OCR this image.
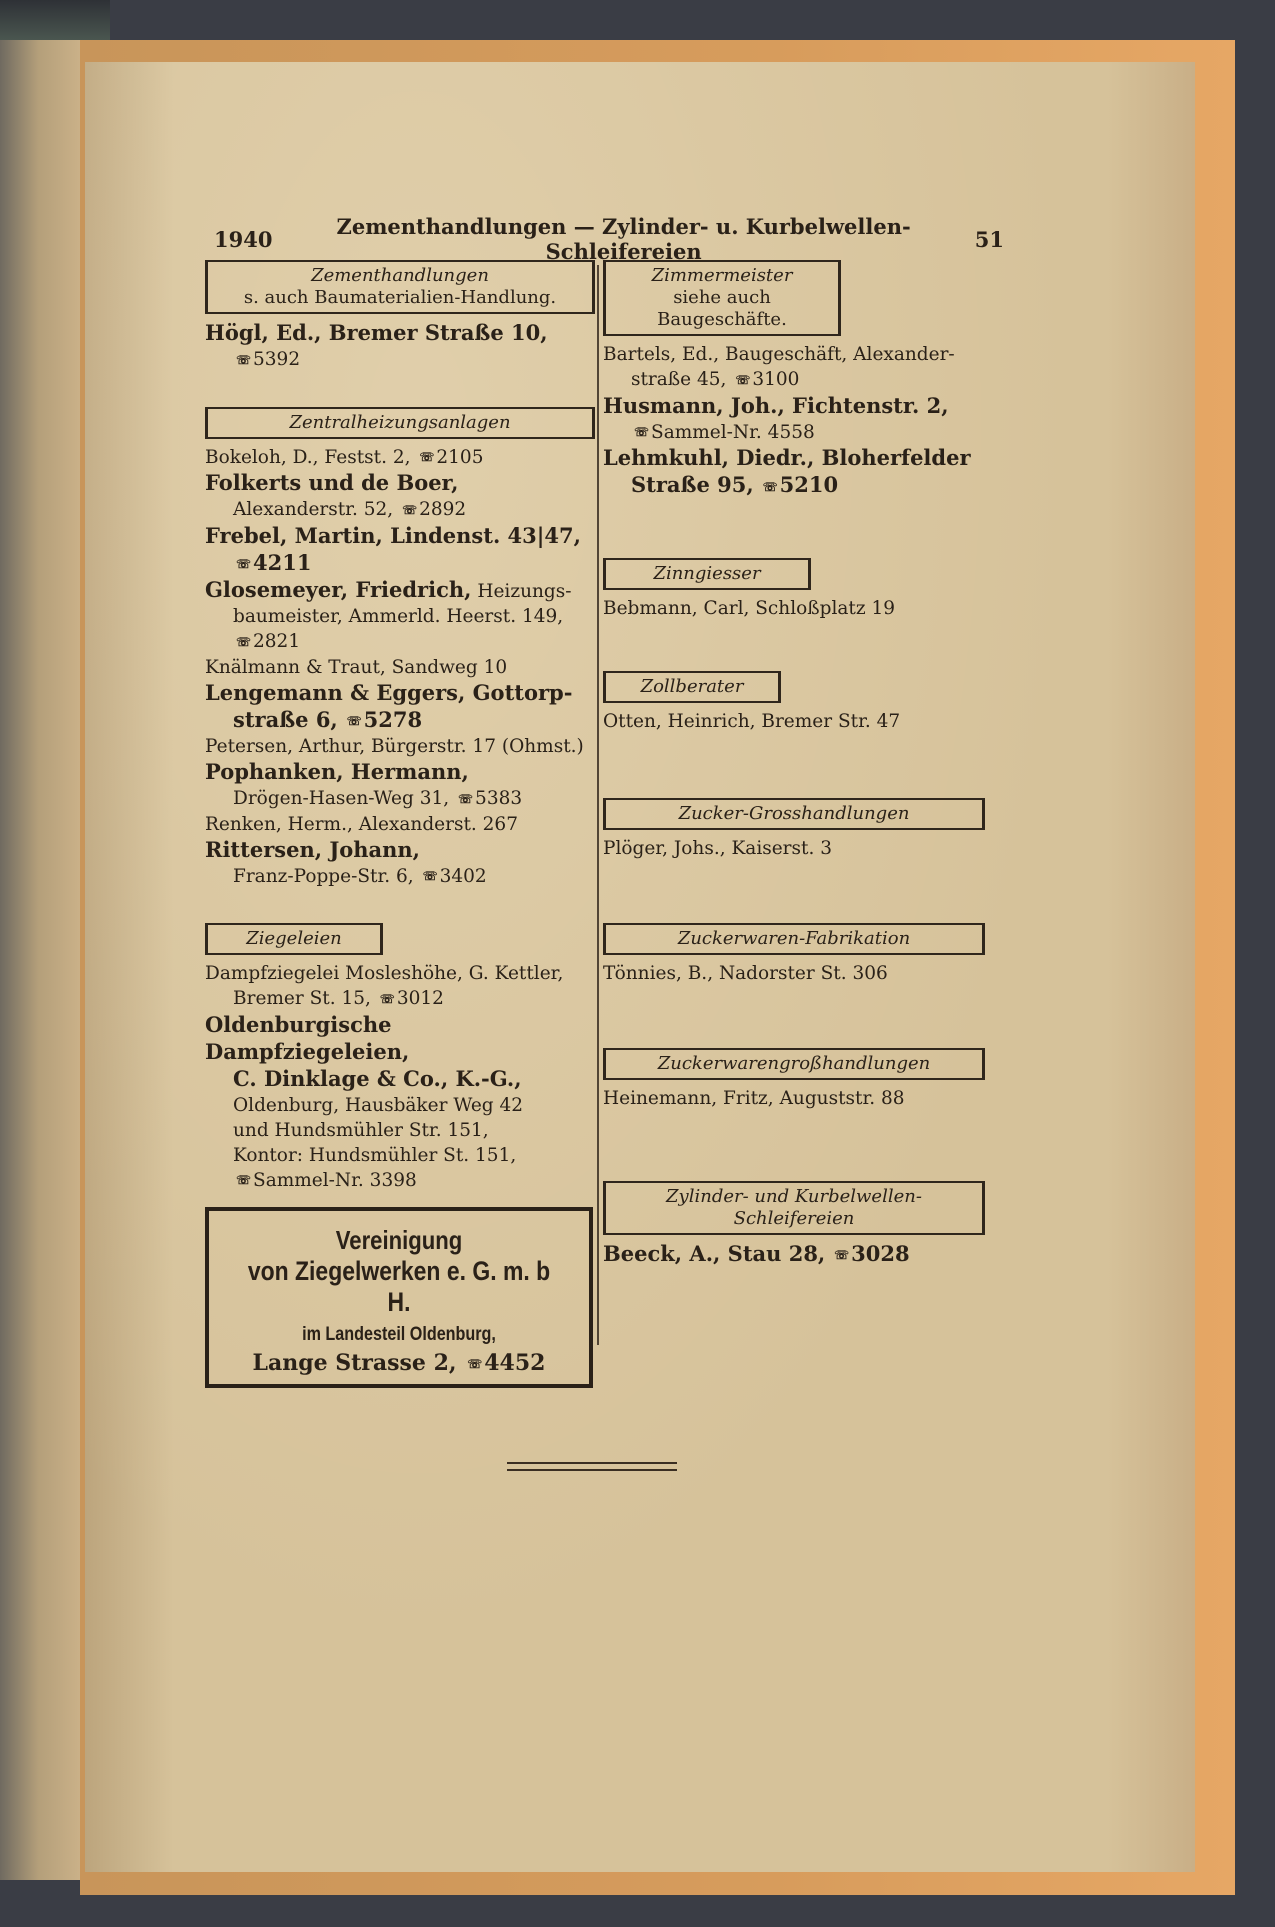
1940	Zementhandlungen — Zylinder- u. Kurbelwellen-Schleifereien	51
Zementhandlungen
s. auch Baumaterialien-Handlung.
Högl, Ed., Bremer Straße 10,
☏ 5392
Zentralheizungsanlagen
Bokeloh, D., Festst. 2, ☏ 2105
Folkerts und de Boer,
Alexanderstr. 52, ☏ 2892
Frebel, Martin, Lindenst. 43|47,
☏ 4211
Glosemeyer, Friedrich, Heizungs-
baumeister, Ammerld. Heerst. 149,
☏ 2821
Knälmann & Traut, Sandweg 10
Lengemann & Eggers, Gottorp-
straße 6, ☏ 5278
Petersen, Arthur, Bürgerstr. 17 (Ohmst.)
Pophanken, Hermann,
Drögen-Hasen-Weg 31, ☏ 5383
Renken, Herm., Alexanderst. 267
Rittersen, Johann,
Franz-Poppe-Str. 6, ☏ 3402
Ziegeleien
Dampfziegelei Mosleshöhe, G. Kettler,
Bremer St. 15, ☏ 3012
Oldenburgische Dampfziegeleien,
C. Dinklage & Co., K.-G.,
Oldenburg, Hausbäker Weg 42
und Hundsmühler Str. 151,
Kontor: Hundsmühler St. 151,
☏ Sammel-Nr. 3398
Vereinigung
von Ziegelwerken e. G. m. b H.
im Landesteil Oldenburg,
Lange Strasse 2, ☏ 4452
Zimmermeister
siehe auch Baugeschäfte.
Bartels, Ed., Baugeschäft, Alexander-
straße 45, ☏ 3100
Husmann, Joh., Fichtenstr. 2,
☏ Sammel-Nr. 4558
Lehmkuhl, Diedr., Bloherfelder
Straße 95, ☏ 5210
Zinngiesser
Bebmann, Carl, Schloßplatz 19
Zollberater
Otten, Heinrich, Bremer Str. 47
Zucker-Grosshandlungen
Plöger, Johs., Kaiserst. 3
Zuckerwaren-Fabrikation
Tönnies, B., Nadorster St. 306
Zuckerwarengroßhandlungen
Heinemann, Fritz, Auguststr. 88
Zylinder- und Kurbelwellen-
Schleifereien
Beeck, A., Stau 28, ☏ 3028
